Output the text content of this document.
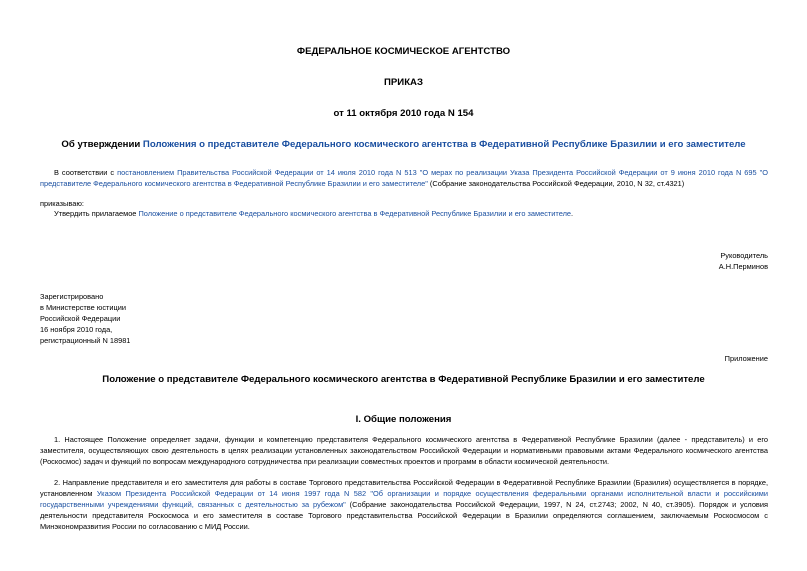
ФЕДЕРАЛЬНОЕ КОСМИЧЕСКОЕ АГЕНТСТВО
ПРИКАЗ
от 11 октября 2010 года N 154
Об утверждении Положения о представителе Федерального космического агентства в Федеративной Республике Бразилии и его заместителе

В соответствии с постановлением Правительства Российской Федерации от 14 июля 2010 года N 513 "О мерах по реализации Указа Президента Российской Федерации от 9 июня 2010 года N 695 "О представителе Федерального космического агентства в Федеративной Республике Бразилии и его заместителе" (Собрание законодательства Российской Федерации, 2010, N 32, ст.4321)

приказываю:

Утвердить прилагаемое Положение о представителе Федерального космического агентства в Федеративной Республике Бразилии и его заместителе.

Руководитель
А.Н.Перминов
Зарегистрировано
в Министерстве юстиции
Российской Федерации
16 ноября 2010 года,
регистрационный N 18981
Приложение
Положение о представителе Федерального космического агентства в Федеративной Республике Бразилии и его заместителе
I. Общие положения

1. Настоящее Положение определяет задачи, функции и компетенцию представителя Федерального космического агентства в Федеративной Республике Бразилии (далее - представитель) и его заместителя, осуществляющих свою деятельность в целях реализации установленных законодательством Российской Федерации и нормативными правовыми актами Федерального космического агентства (Роскосмос) задач и функций по вопросам международного сотрудничества при реализации совместных проектов и программ в области космической деятельности.

2. Направление представителя и его заместителя для работы в составе Торгового представительства Российской Федерации в Федеративной Республике Бразилии (Бразилия) осуществляется в порядке, установленном Указом Президента Российской Федерации от 14 июня 1997 года N 582 "Об организации и порядке осуществления федеральными органами исполнительной власти и российскими государственными учреждениями функций, связанных с деятельностью за рубежом" (Собрание законодательства Российской Федерации, 1997, N 24, ст.2743; 2002, N 40, ст.3905). Порядок и условия деятельности представителя Роскосмоса и его заместителя в составе Торгового представительства Российской Федерации в Бразилии определяются соглашением, заключаемым Роскосмосом с Минэкономразвития России по согласованию с МИД России.
